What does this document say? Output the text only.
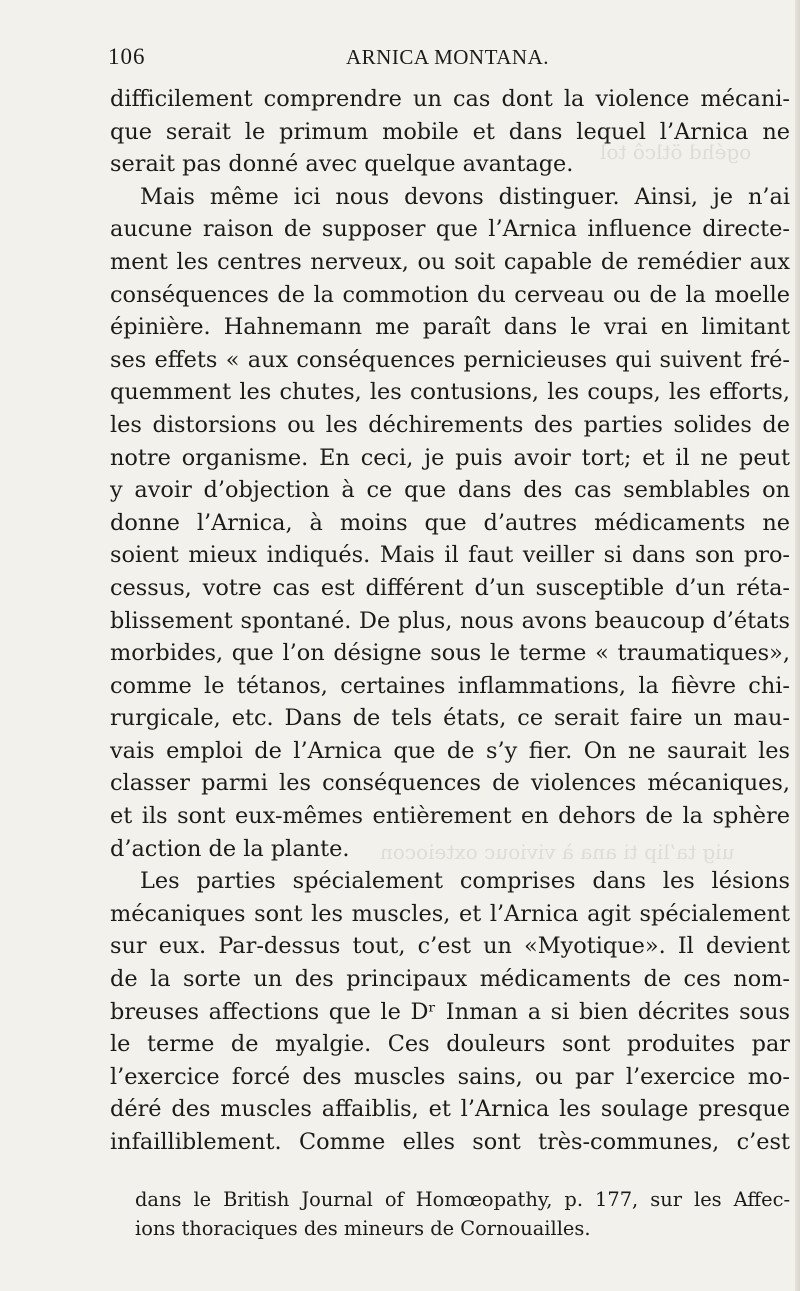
ogéhd ötlcô tol
uig ta’lip ti ana à viviouc oxteiocon
106	ARNICA MONTANA.
difficilement comprendre un cas dont la violence mécani-
que serait le primum mobile et dans lequel l’Arnica ne
serait pas donné avec quelque avantage.
Mais même ici nous devons distinguer. Ainsi, je n’ai
aucune raison de supposer que l’Arnica influence directe-
ment les centres nerveux, ou soit capable de remédier aux
conséquences de la commotion du cerveau ou de la moelle
épinière. Hahnemann me paraît dans le vrai en limitant
ses effets « aux conséquences pernicieuses qui suivent fré-
quemment les chutes, les contusions, les coups, les efforts,
les distorsions ou les déchirements des parties solides de
notre organisme. En ceci, je puis avoir tort; et il ne peut
y avoir d’objection à ce que dans des cas semblables on
donne l’Arnica, à moins que d’autres médicaments ne
soient mieux indiqués. Mais il faut veiller si dans son pro-
cessus, votre cas est différent d’un susceptible d’un réta-
blissement spontané. De plus, nous avons beaucoup d’états
morbides, que l’on désigne sous le terme « traumatiques»,
comme le tétanos, certaines inflammations, la fièvre chi-
rurgicale, etc. Dans de tels états, ce serait faire un mau-
vais emploi de l’Arnica que de s’y fier. On ne saurait les
classer parmi les conséquences de violences mécaniques,
et ils sont eux-mêmes entièrement en dehors de la sphère
d’action de la plante.
Les parties spécialement comprises dans les lésions
mécaniques sont les muscles, et l’Arnica agit spécialement
sur eux. Par-dessus tout, c’est un «Myotique». Il devient
de la sorte un des principaux médicaments de ces nom-
breuses affections que le Dʳ Inman a si bien décrites sous
le terme de myalgie. Ces douleurs sont produites par
l’exercice forcé des muscles sains, ou par l’exercice mo-
déré des muscles affaiblis, et l’Arnica les soulage presque
infailliblement. Comme elles sont très-communes, c’est
dans le British Journal of Homœopathy, p. 177, sur les Affec-
ions thoraciques des mineurs de Cornouailles.
